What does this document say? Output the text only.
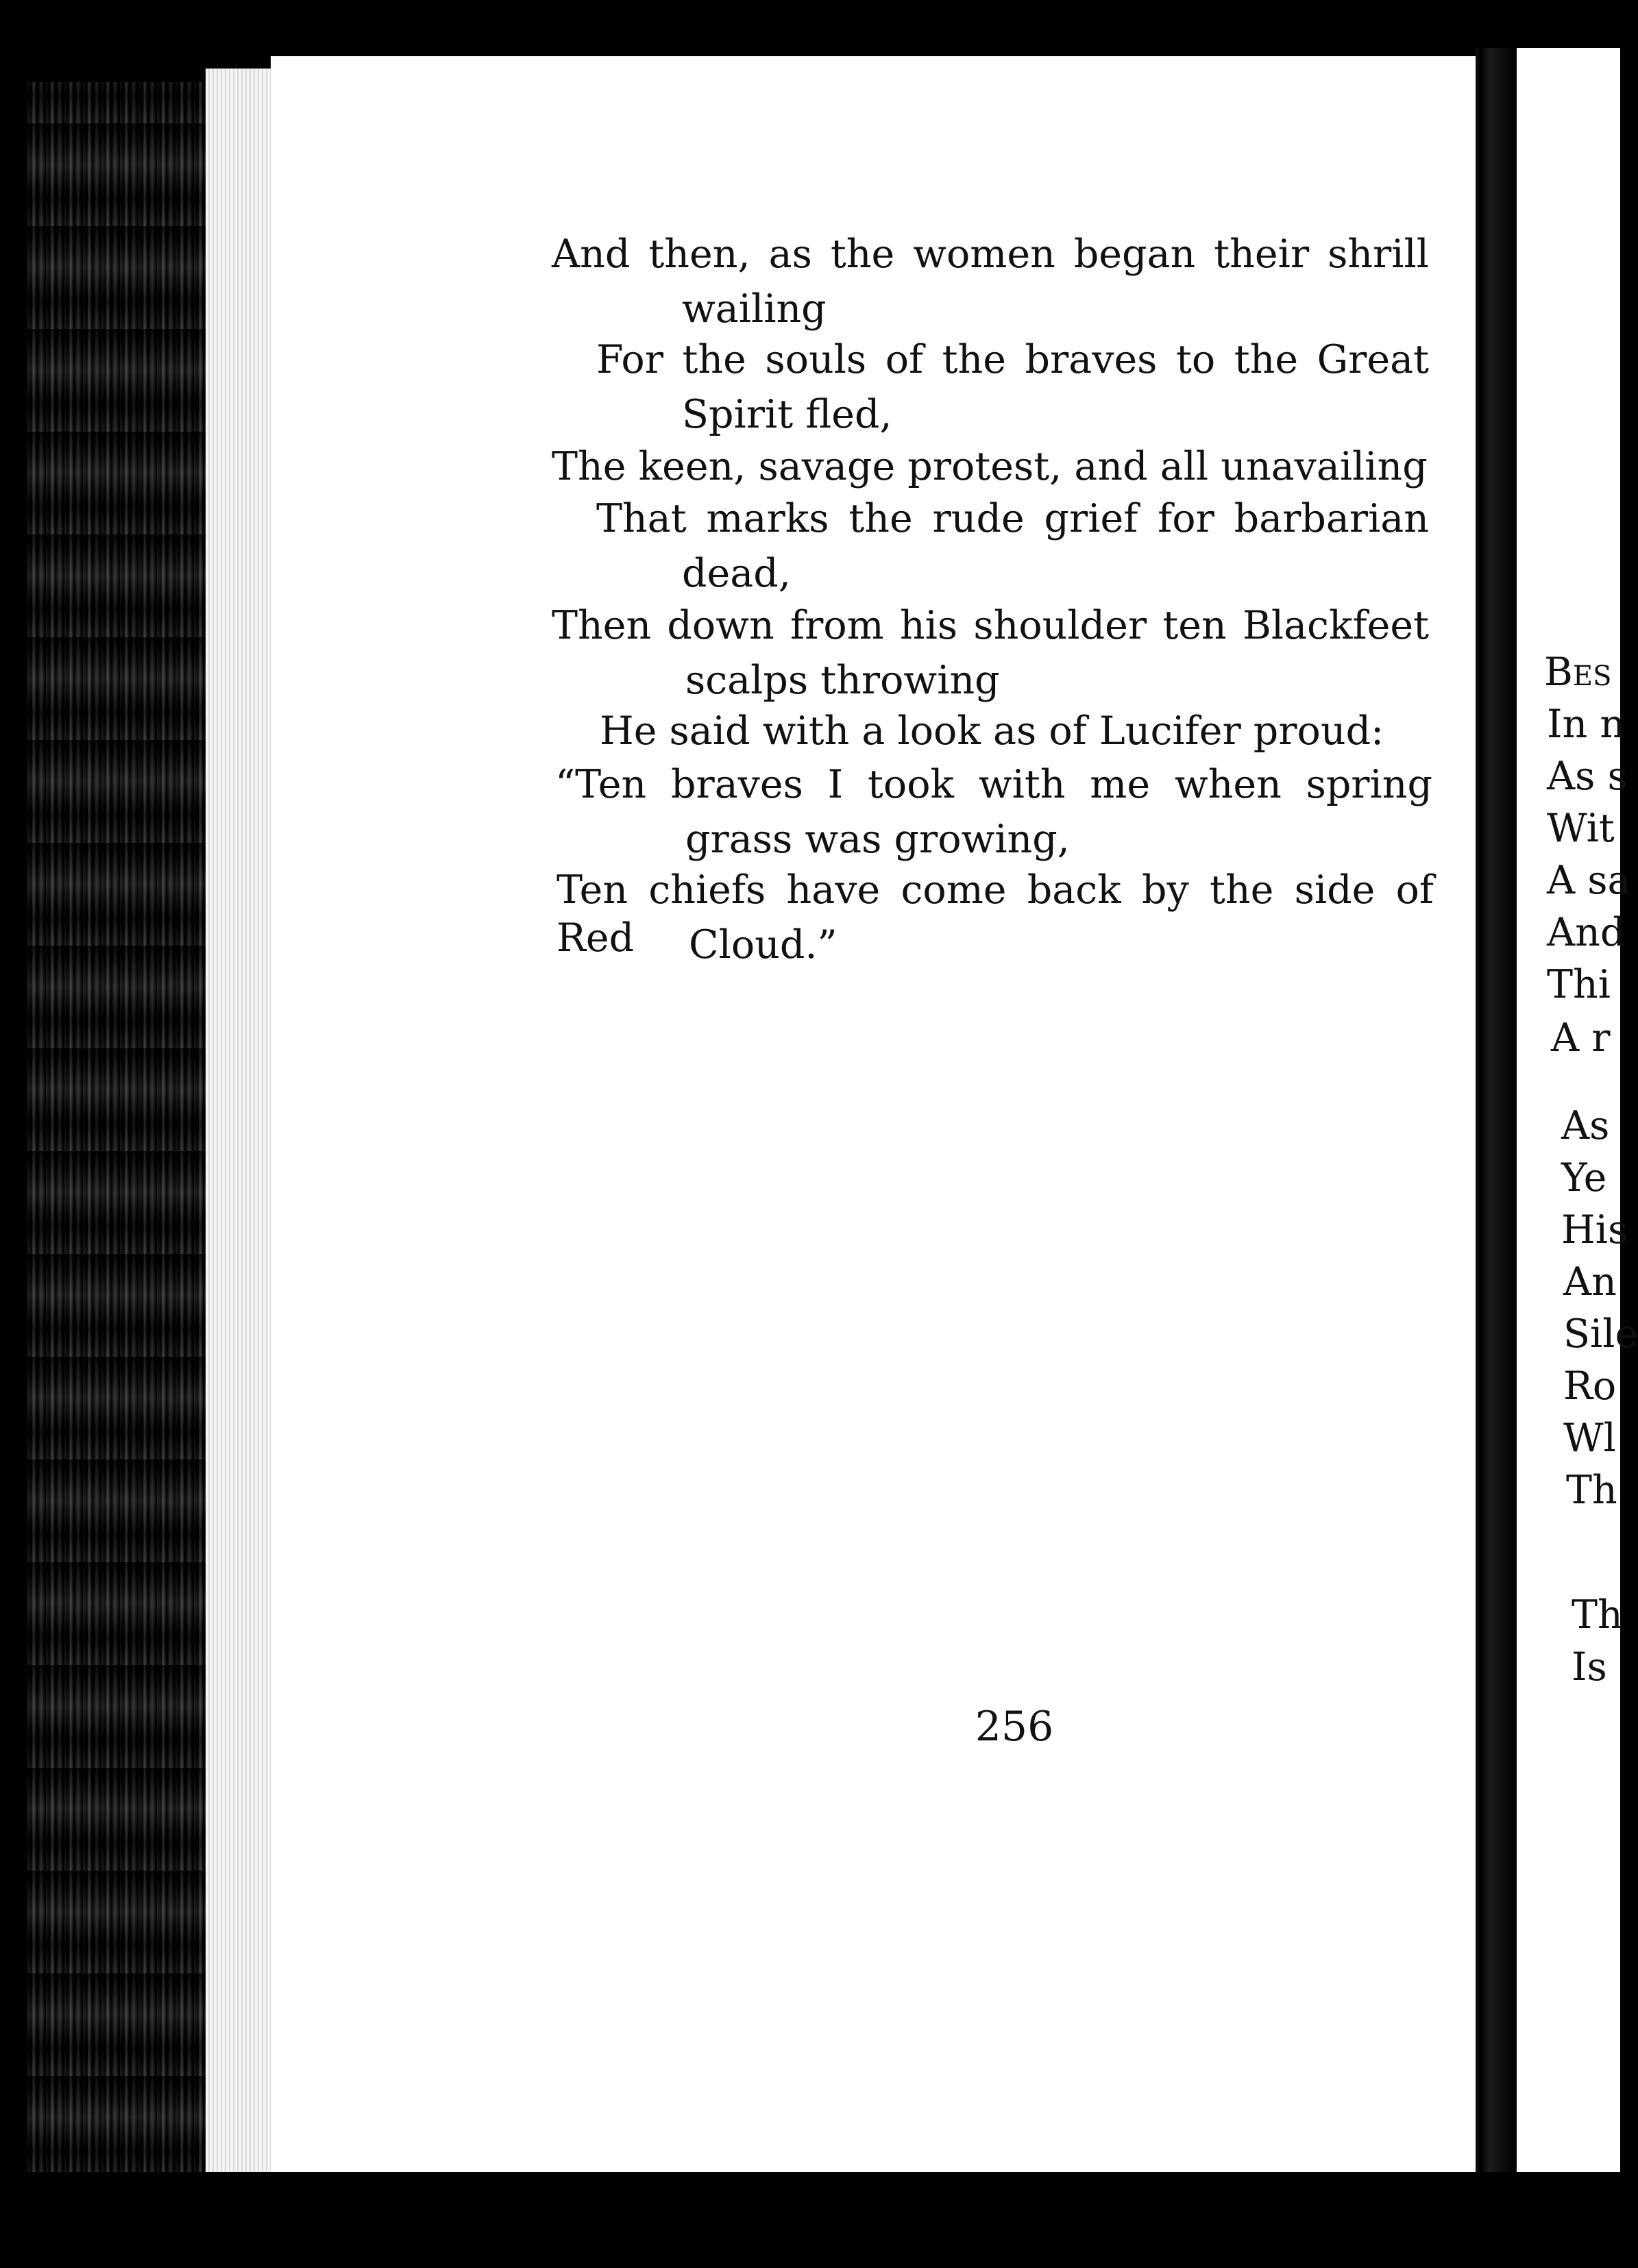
And then, as the women began their shrill
wailing
For the souls of the braves to the Great
Spirit fled,
The keen, savage protest, and all unavailing
That marks the rude grief for barbarian
dead,
Then down from his shoulder ten Blackfeet
scalps throwing
He said with a look as of Lucifer proud:
“Ten braves I took with me when spring
grass was growing,
Ten chiefs have come back by the side of Red	Cloud.”
256
Bes
In n
As s
Wit
A sa
And
Thi
A r
As
Ye
His
An
Sile
Ro
Wl
Th
Th
Is
